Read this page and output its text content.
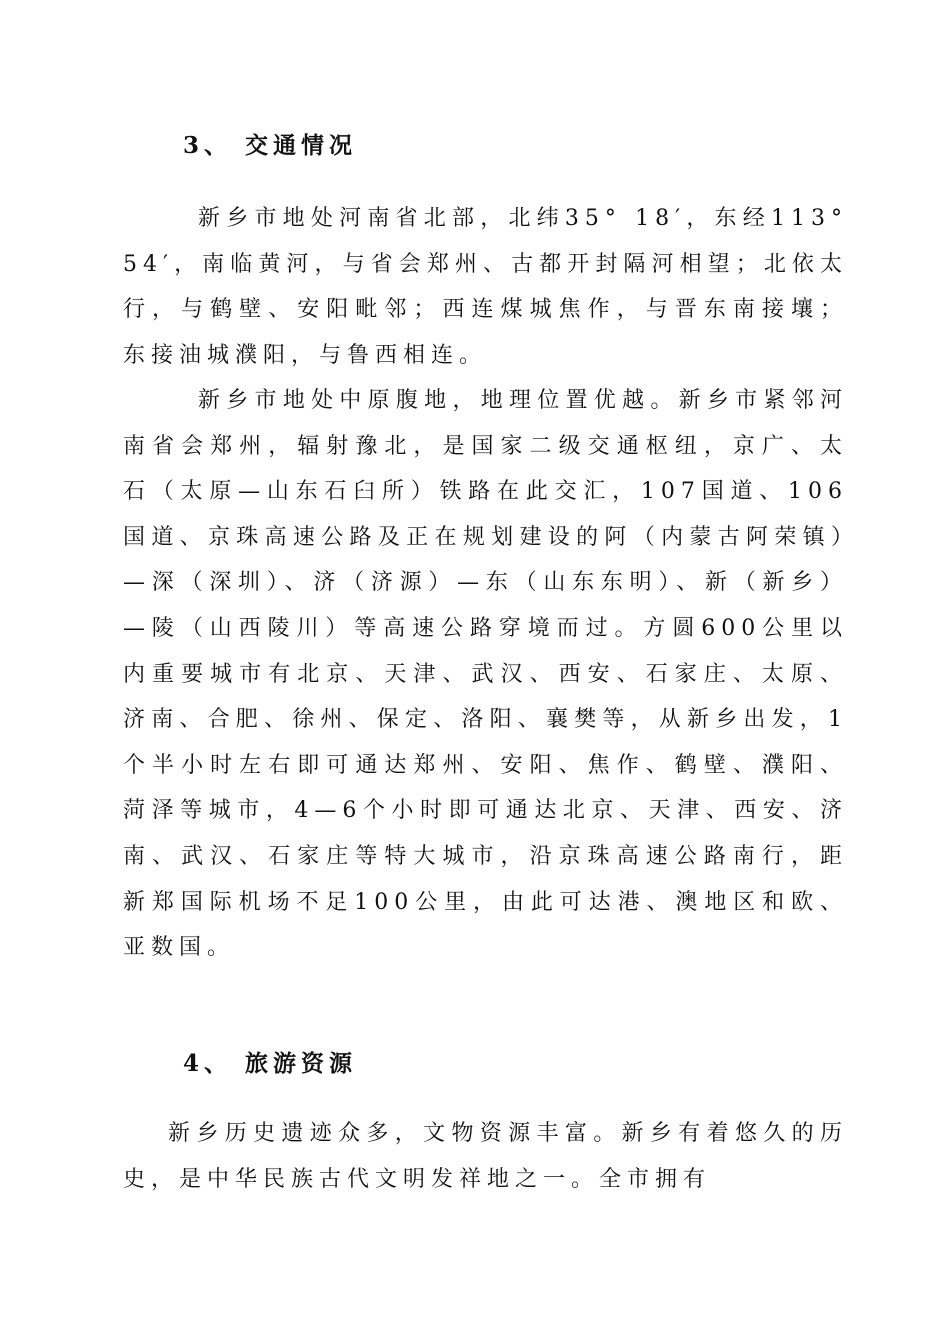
3、 交通情况

新乡市地处河南省北部，北纬35° 18′，东经113° 54′，南临黄河，与省会郑州、古都开封隔河相望；北依太行，与鹤壁、安阳毗邻；西连煤城焦作，与晋东南接壤；东接油城濮阳，与鲁西相连。

新乡市地处中原腹地，地理位置优越。新乡市紧邻河南省会郑州，辐射豫北，是国家二级交通枢纽，京广、太石（太原—山东石臼所）铁路在此交汇，107国道、106国道、京珠高速公路及正在规划建设的阿（内蒙古阿荣镇）—深（深圳）、济（济源）—东（山东东明）、新（新乡）—陵（山西陵川）等高速公路穿境而过。方圆600公里以内重要城市有北京、天津、武汉、西安、石家庄、太原、济南、合肥、徐州、保定、洛阳、襄樊等，从新乡出发，1个半小时左右即可通达郑州、安阳、焦作、鹤壁、濮阳、菏泽等城市，4—6个小时即可通达北京、天津、西安、济南、武汉、石家庄等特大城市，沿京珠高速公路南行，距新郑国际机场不足100公里，由此可达港、澳地区和欧、亚数国。

4、 旅游资源

新乡历史遗迹众多，文物资源丰富。新乡有着悠久的历史，是中华民族古代文明发祥地之一。全市拥有
